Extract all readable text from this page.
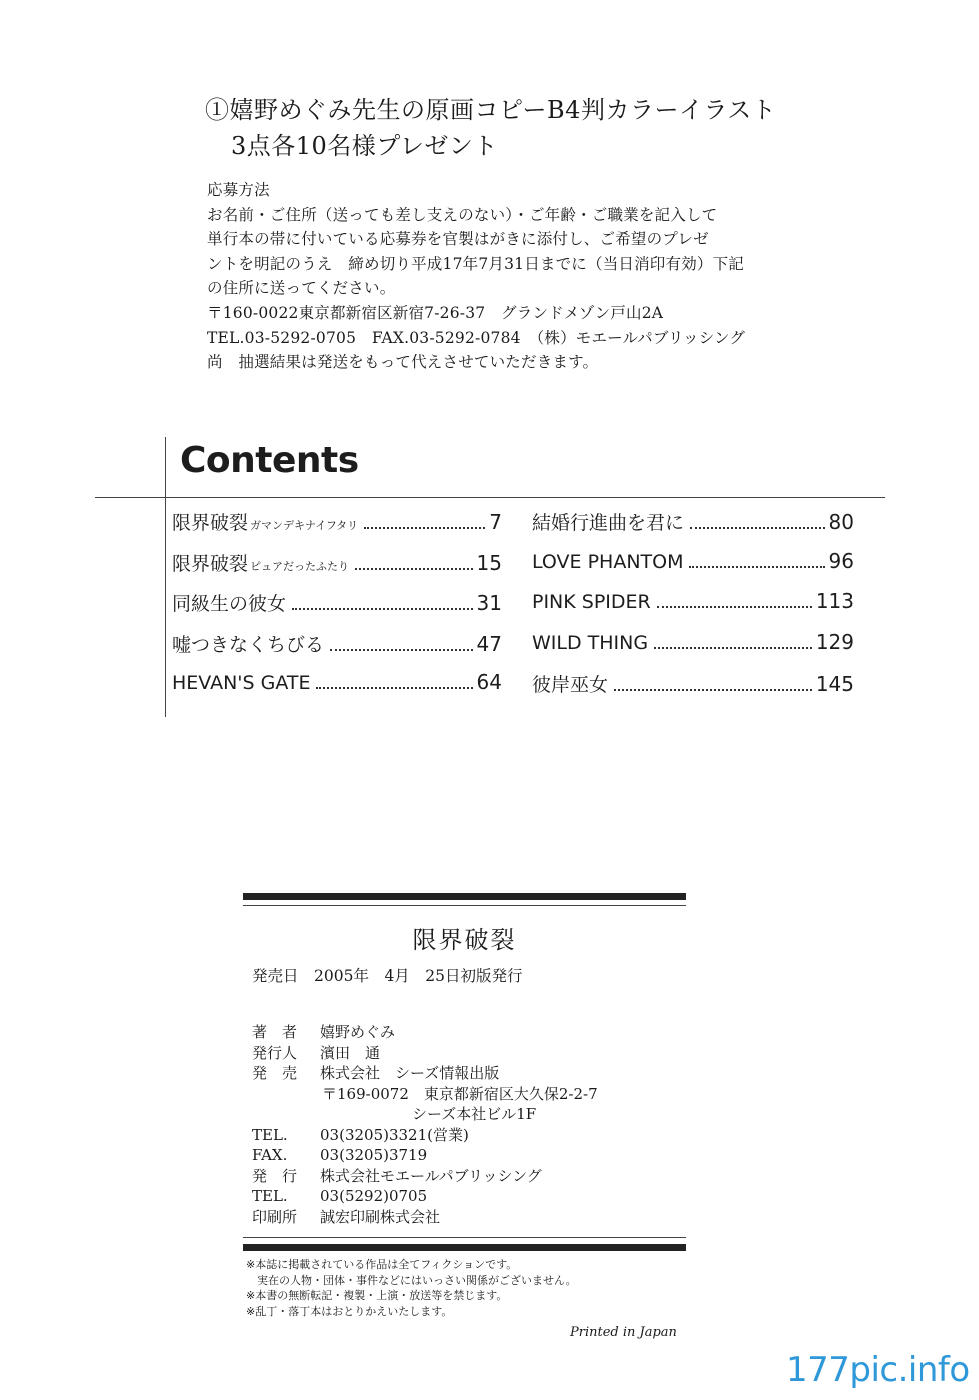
①嬉野めぐみ先生の原画コピーB4判カラーイラスト
3点各10名様プレゼント
応募方法
お名前・ご住所（送っても差し支えのない）・ご年齢・ご職業を記入して
単行本の帯に付いている応募券を官製はがきに添付し、ご希望のプレゼ
ントを明記のうえ　締め切り平成17年7月31日までに（当日消印有効）下記
の住所に送ってください。
〒160-0022東京都新宿区新宿7-26-37　グランドメゾン戸山2A
TEL.03-5292-0705　FAX.03-5292-0784　（株）モエールパブリッシング
尚　抽選結果は発送をもって代えさせていただきます。
Contents
限界破裂 ガマンデキナイフタリ	7
限界破裂 ピュアだったふたり	15
同級生の彼女	31
嘘つきなくちびる	47
HEVAN'S GATE	64
結婚行進曲を君に	80
LOVE PHANTOM	96
PINK SPIDER	113
WILD THING	129
彼岸巫女	145
限界破裂
発売日　2005年　4月　25日初版発行
著　者	嬉野めぐみ
発行人	濱田　通
発　売	株式会社　シーズ情報出版
〒169-0072　東京都新宿区大久保2-2-7
　　　　　　シーズ本社ビル1F
TEL.	03(3205)3321(営業)
FAX.	03(3205)3719
発　行	株式会社モエールパブリッシング
TEL.	03(5292)0705
印刷所	誠宏印刷株式会社
※本誌に掲載されている作品は全てフィクションです。
　実在の人物・団体・事件などにはいっさい関係がございません。
※本書の無断転記・複製・上演・放送等を禁じます。
※乱丁・落丁本はおとりかえいたします。
Printed in Japan
177pic.info
